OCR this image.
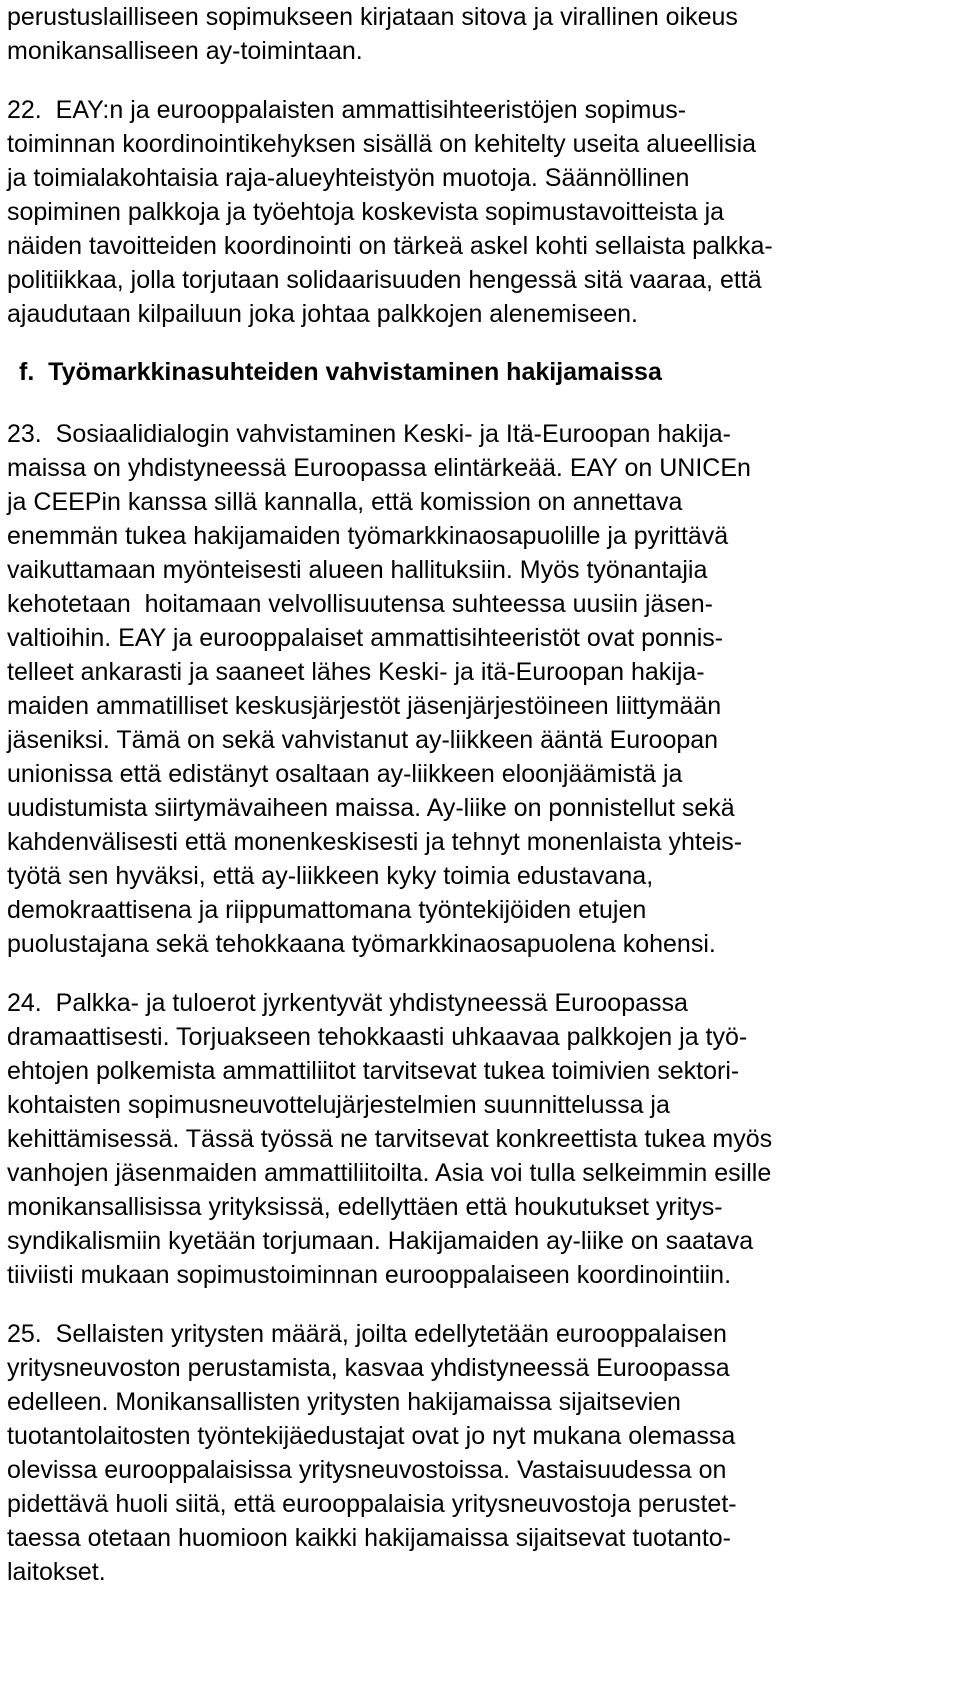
perustuslailliseen sopimukseen kirjataan sitova ja virallinen oikeus
monikansalliseen ay-toimintaan.
22.  EAY:n ja eurooppalaisten ammattisihteeristöjen sopimus-
toiminnan koordinointikehyksen sisällä on kehitelty useita alueellisia
ja toimialakohtaisia raja-alueyhteistyön muotoja. Säännöllinen
sopiminen palkkoja ja työehtoja koskevista sopimustavoitteista ja
näiden tavoitteiden koordinointi on tärkeä askel kohti sellaista palkka-
politiikkaa, jolla torjutaan solidaarisuuden hengessä sitä vaaraa, että
ajaudutaan kilpailuun joka johtaa palkkojen alenemiseen.
f.  Työmarkkinasuhteiden vahvistaminen hakijamaissa
23.  Sosiaalidialogin vahvistaminen Keski- ja Itä-Euroopan hakija-
maissa on yhdistyneessä Euroopassa elintärkeää. EAY on UNICEn
ja CEEPin kanssa sillä kannalla, että komission on annettava
enemmän tukea hakijamaiden työmarkkinaosapuolille ja pyrittävä
vaikuttamaan myönteisesti alueen hallituksiin. Myös työnantajia
kehotetaan  hoitamaan velvollisuutensa suhteessa uusiin jäsen-
valtioihin. EAY ja eurooppalaiset ammattisihteeristöt ovat ponnis-
telleet ankarasti ja saaneet lähes Keski- ja itä-Euroopan hakija-
maiden ammatilliset keskusjärjestöt jäsenjärjestöineen liittymään
jäseniksi. Tämä on sekä vahvistanut ay-liikkeen ääntä Euroopan
unionissa että edistänyt osaltaan ay-liikkeen eloonjäämistä ja
uudistumista siirtymävaiheen maissa. Ay-liike on ponnistellut sekä
kahdenvälisesti että monenkeskisesti ja tehnyt monenlaista yhteis-
työtä sen hyväksi, että ay-liikkeen kyky toimia edustavana,
demokraattisena ja riippumattomana työntekijöiden etujen
puolustajana sekä tehokkaana työmarkkinaosapuolena kohensi.
24.  Palkka- ja tuloerot jyrkentyvät yhdistyneessä Euroopassa
dramaattisesti. Torjuakseen tehokkaasti uhkaavaa palkkojen ja työ-
ehtojen polkemista ammattiliitot tarvitsevat tukea toimivien sektori-
kohtaisten sopimusneuvottelujärjestelmien suunnittelussa ja
kehittämisessä. Tässä työssä ne tarvitsevat konkreettista tukea myös
vanhojen jäsenmaiden ammattiliitoilta. Asia voi tulla selkeimmin esille
monikansallisissa yrityksissä, edellyttäen että houkutukset yritys-
syndikalismiin kyetään torjumaan. Hakijamaiden ay-liike on saatava
tiiviisti mukaan sopimustoiminnan eurooppalaiseen koordinointiin.
25.  Sellaisten yritysten määrä, joilta edellytetään eurooppalaisen
yritysneuvoston perustamista, kasvaa yhdistyneessä Euroopassa
edelleen. Monikansallisten yritysten hakijamaissa sijaitsevien
tuotantolaitosten työntekijäedustajat ovat jo nyt mukana olemassa
olevissa eurooppalaisissa yritysneuvostoissa. Vastaisuudessa on
pidettävä huoli siitä, että eurooppalaisia yritysneuvostoja perustet-
taessa otetaan huomioon kaikki hakijamaissa sijaitsevat tuotanto-
laitokset.
